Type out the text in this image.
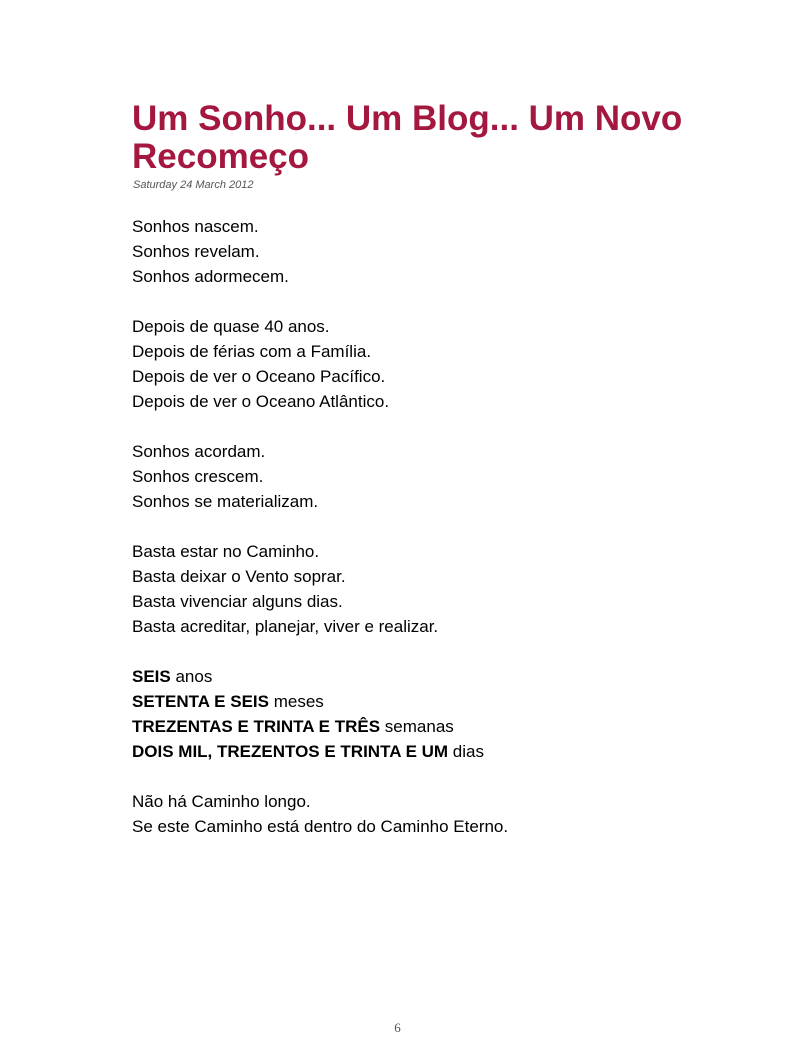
Um Sonho... Um Blog... Um Novo Recomeço
Saturday 24 March 2012
Sonhos nascem.
Sonhos revelam.
Sonhos adormecem.
Depois de quase 40 anos.
Depois de férias com a Família.
Depois de ver o Oceano Pacífico.
Depois de ver o Oceano Atlântico.
Sonhos acordam.
Sonhos crescem.
Sonhos se materializam.
Basta estar no Caminho.
Basta deixar o Vento soprar.
Basta vivenciar alguns dias.
Basta acreditar, planejar, viver e realizar.
SEIS anos
SETENTA E SEIS meses
TREZENTAS E TRINTA E TRÊS semanas
DOIS MIL, TREZENTOS E TRINTA E UM dias
Não há Caminho longo.
Se este Caminho está dentro do Caminho Eterno.
6
